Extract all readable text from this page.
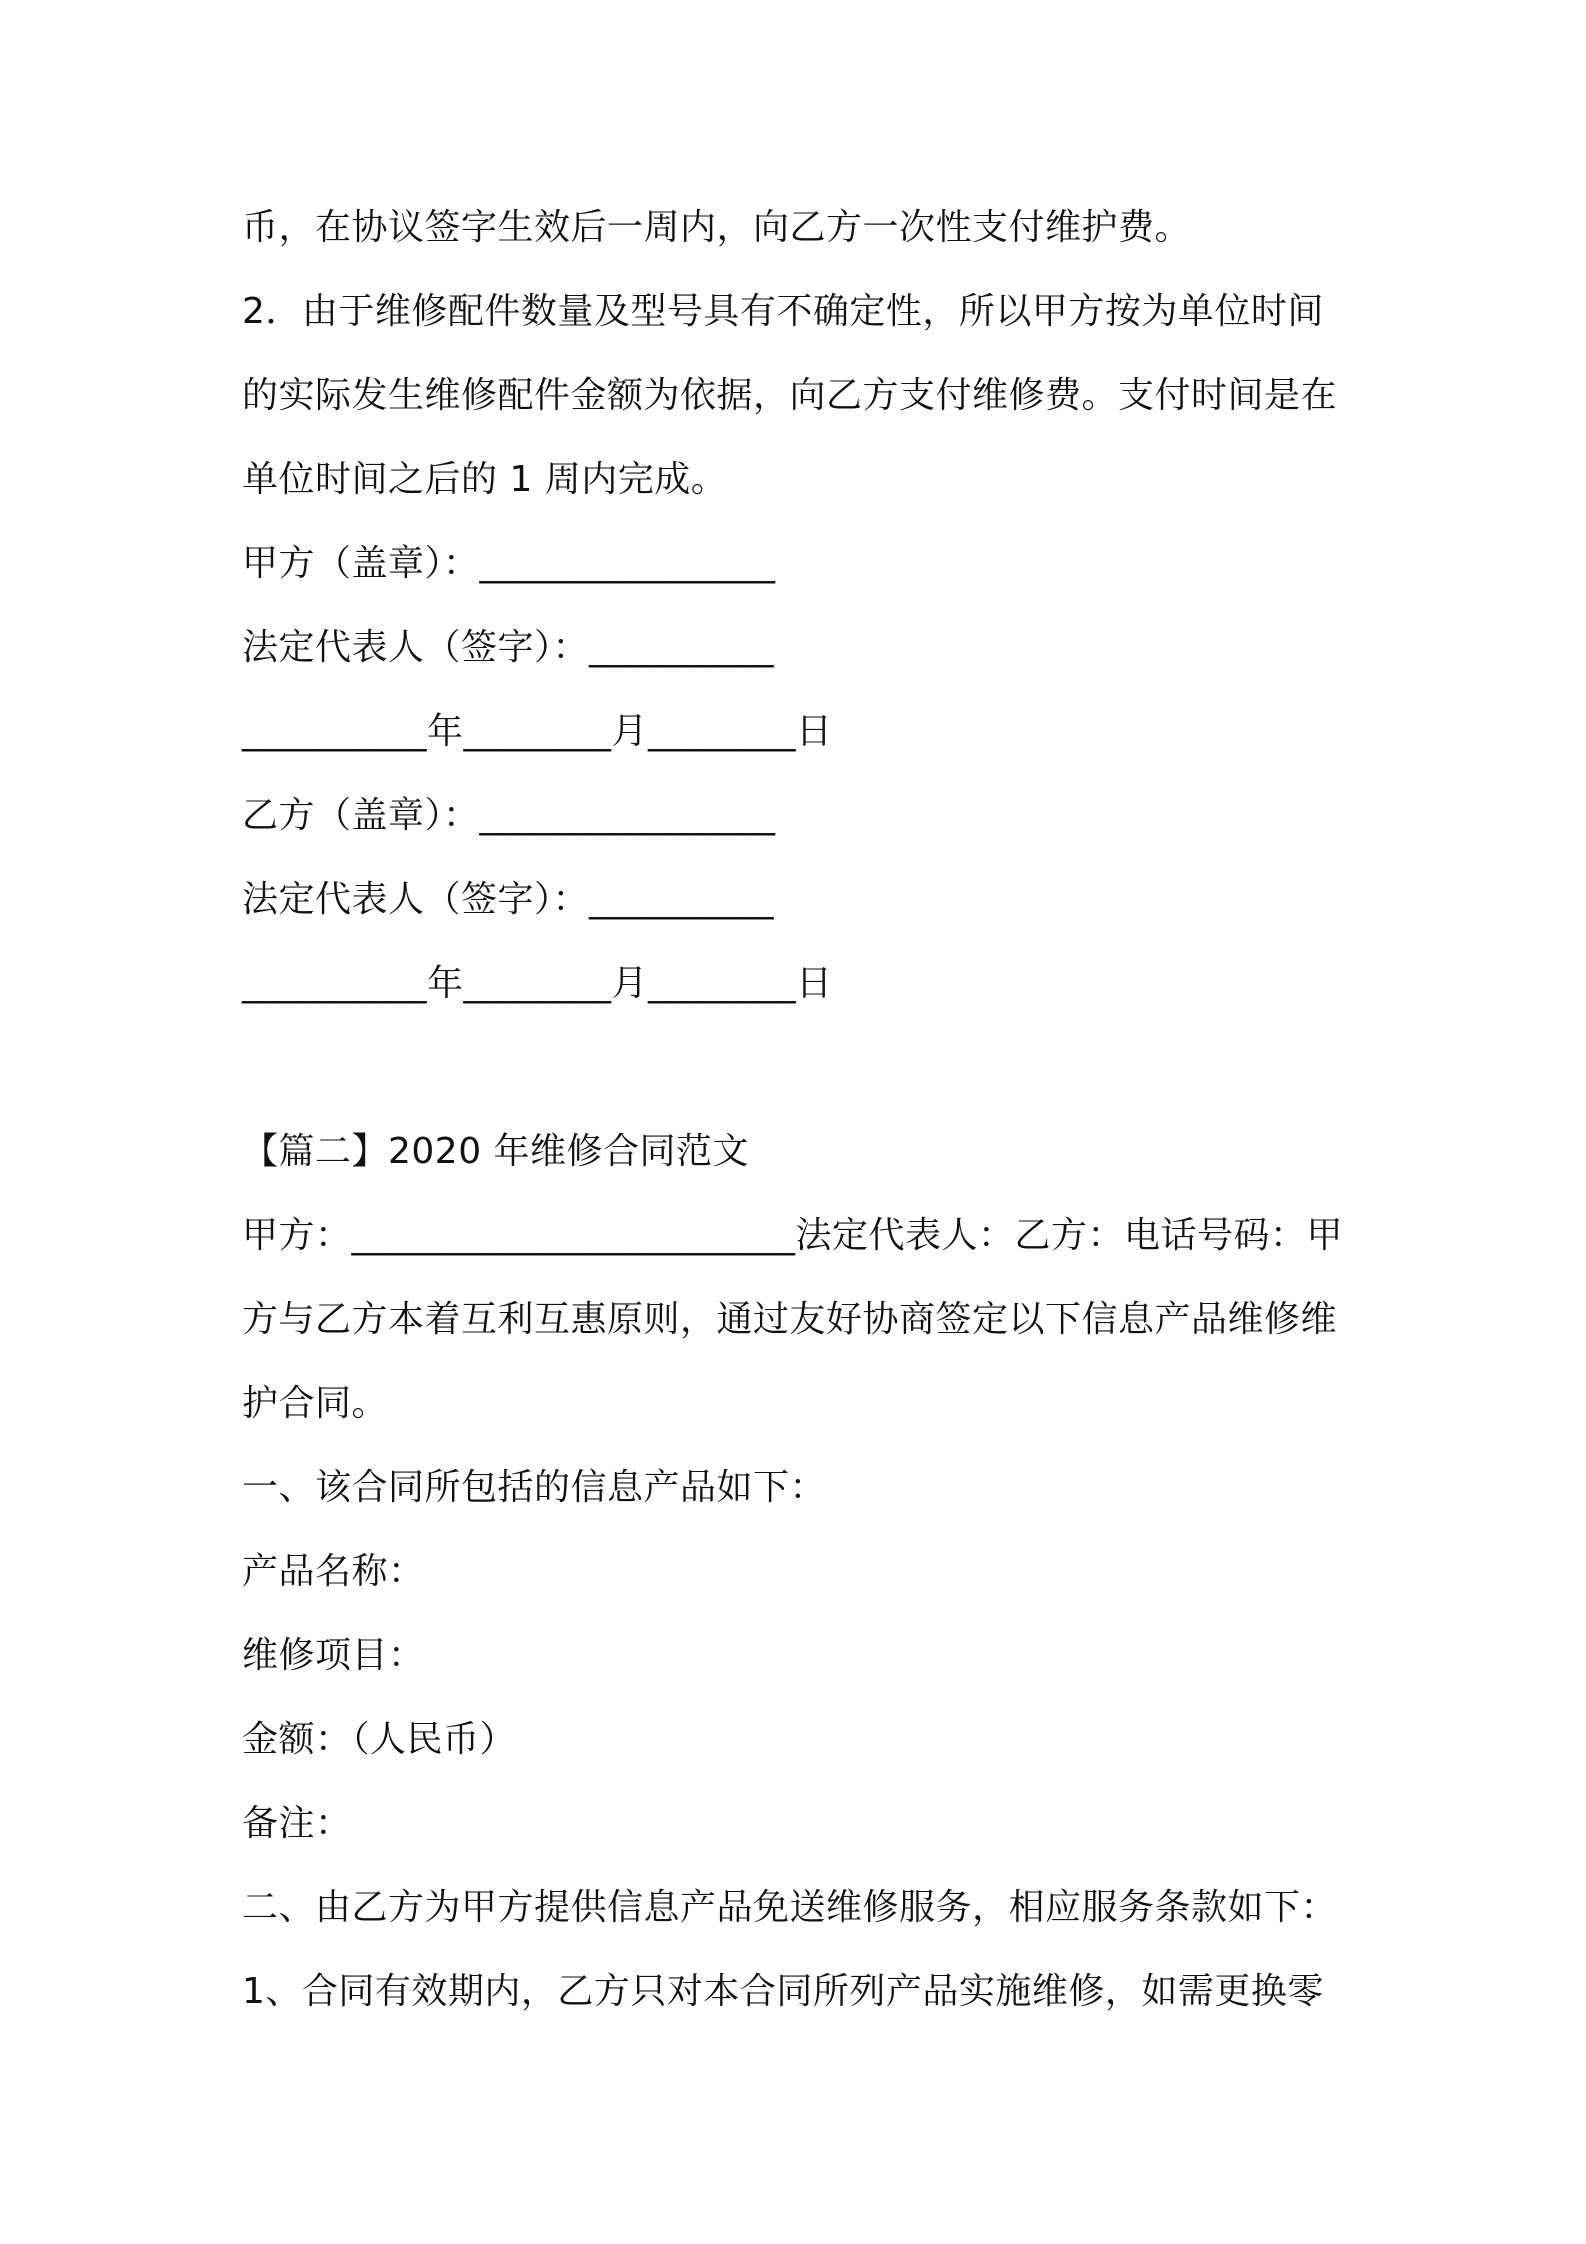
币，在协议签字生效后一周内，向乙方一次性支付维护费。
2．由于维修配件数量及型号具有不确定性，所以甲方按为单位时间
的实际发生维修配件金额为依据，向乙方支付维修费。支付时间是在
单位时间之后的 1 周内完成。
甲方（盖章）：________________
法定代表人（签字）：__________
__________年________月________日
乙方（盖章）：________________
法定代表人（签字）：__________
__________年________月________日
【篇二】2020 年维修合同范文
甲方：________________________法定代表人：乙方：电话号码：甲
方与乙方本着互利互惠原则，通过友好协商签定以下信息产品维修维
护合同。
一、该合同所包括的信息产品如下：
产品名称：
维修项目：
金额：（人民币）
备注：
二、由乙方为甲方提供信息产品免送维修服务，相应服务条款如下：
1、合同有效期内，乙方只对本合同所列产品实施维修，如需更换零
